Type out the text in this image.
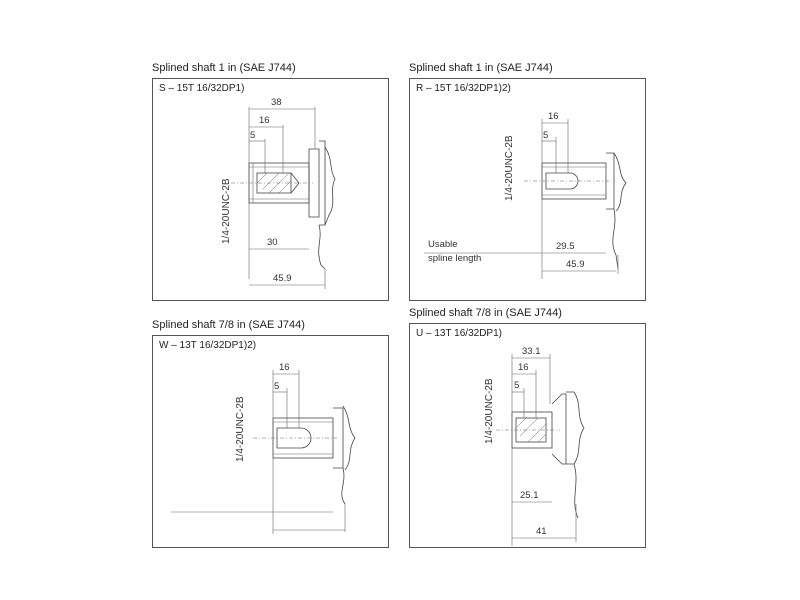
Splined shaft 1 in (SAE J744)
S – 15T 16/32DP1)
1/4-20UNC-2B
38
16
5
30
45.9
Splined shaft 1 in (SAE J744)
R – 15T 16/32DP1)2)
1/4-20UNC-2B
16
5
Usable
spline length
29.5
45.9
Splined shaft 7/8 in (SAE J744)
W – 13T 16/32DP1)2)
1/4-20UNC-2B
16
5
Splined shaft 7/8 in (SAE J744)
U – 13T 16/32DP1)
1/4-20UNC-2B
33.1
16
5
25.1
41
